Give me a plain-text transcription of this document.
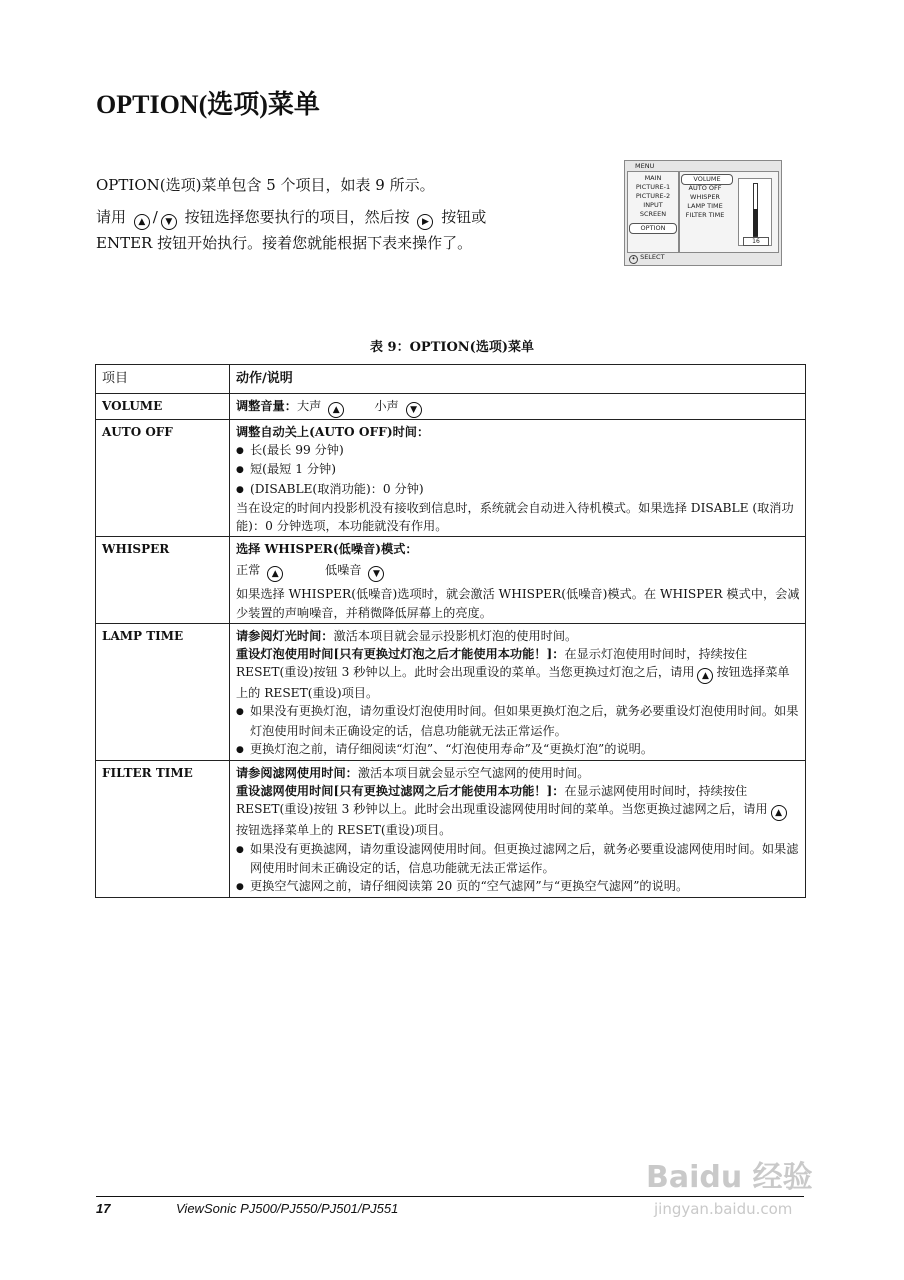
OPTION(选项)菜单
OPTION(选项)菜单包含 5 个项目，如表 9 所示。
请用 ▲ / ▼ 按钮选择您要执行的项目，然后按 ▶ 按钮或
ENTER 按钮开始执行。接着您就能根据下表来操作了。
MENU
MAIN
PICTURE-1
PICTURE-2
INPUT
SCREEN
OPTION
VOLUME
AUTO OFF
WHISPER
LAMP TIME
FILTER TIME
16
✦ SELECT
表 9：OPTION(选项)菜单
项目	动作/说明
VOLUME	调整音量：大声 ▲ 小声 ▼
AUTO OFF	调整自动关上(AUTO OFF)时间：
● 长(最长 99 分钟)
● 短(最短 1 分钟)
● (DISABLE(取消功能)：0 分钟)
当在设定的时间内投影机没有接收到信息时，系统就会自动进入待机模式。如果选择 DISABLE (取消功能)：0 分钟选项，本功能就没有作用。

WHISPER	选择 WHISPER(低噪音)模式：
正常 ▲ 低噪音 ▼
如果选择 WHISPER(低噪音)选项时，就会激活 WHISPER(低噪音)模式。在 WHISPER 模式中，会减少装置的声响噪音，并稍微降低屏幕上的亮度。

LAMP TIME	请参阅灯光时间：激活本项目就会显示投影机灯泡的使用时间。
重设灯泡使用时间[只有更换过灯泡之后才能使用本功能！]：在显示灯泡使用时间时，持续按住 RESET(重设)按钮 3 秒钟以上。此时会出现重设的菜单。当您更换过灯泡之后，请用 ▲ 按钮选择菜单上的 RESET(重设)项目。
● 如果没有更换灯泡，请勿重设灯泡使用时间。但如果更换灯泡之后，就务必要重设灯泡使用时间。如果灯泡使用时间未正确设定的话，信息功能就无法正常运作。
● 更换灯泡之前，请仔细阅读“灯泡”、“灯泡使用寿命”及“更换灯泡”的说明。

FILTER TIME	请参阅滤网使用时间：激活本项目就会显示空气滤网的使用时间。
重设滤网使用时间[只有更换过滤网之后才能使用本功能！]：在显示滤网使用时间时，持续按住 RESET(重设)按钮 3 秒钟以上。此时会出现重设滤网使用时间的菜单。当您更换过滤网之后，请用 ▲按钮选择菜单上的 RESET(重设)项目。
● 如果没有更换滤网，请勿重设滤网使用时间。但更换过滤网之后，就务必要重设滤网使用时间。如果滤网使用时间未正确设定的话，信息功能就无法正常运作。
● 更换空气滤网之前，请仔细阅读第 20 页的“空气滤网”与“更换空气滤网”的说明。
17	ViewSonic PJ500/PJ550/PJ501/PJ551
Baidu 经验
jingyan.baidu.com
